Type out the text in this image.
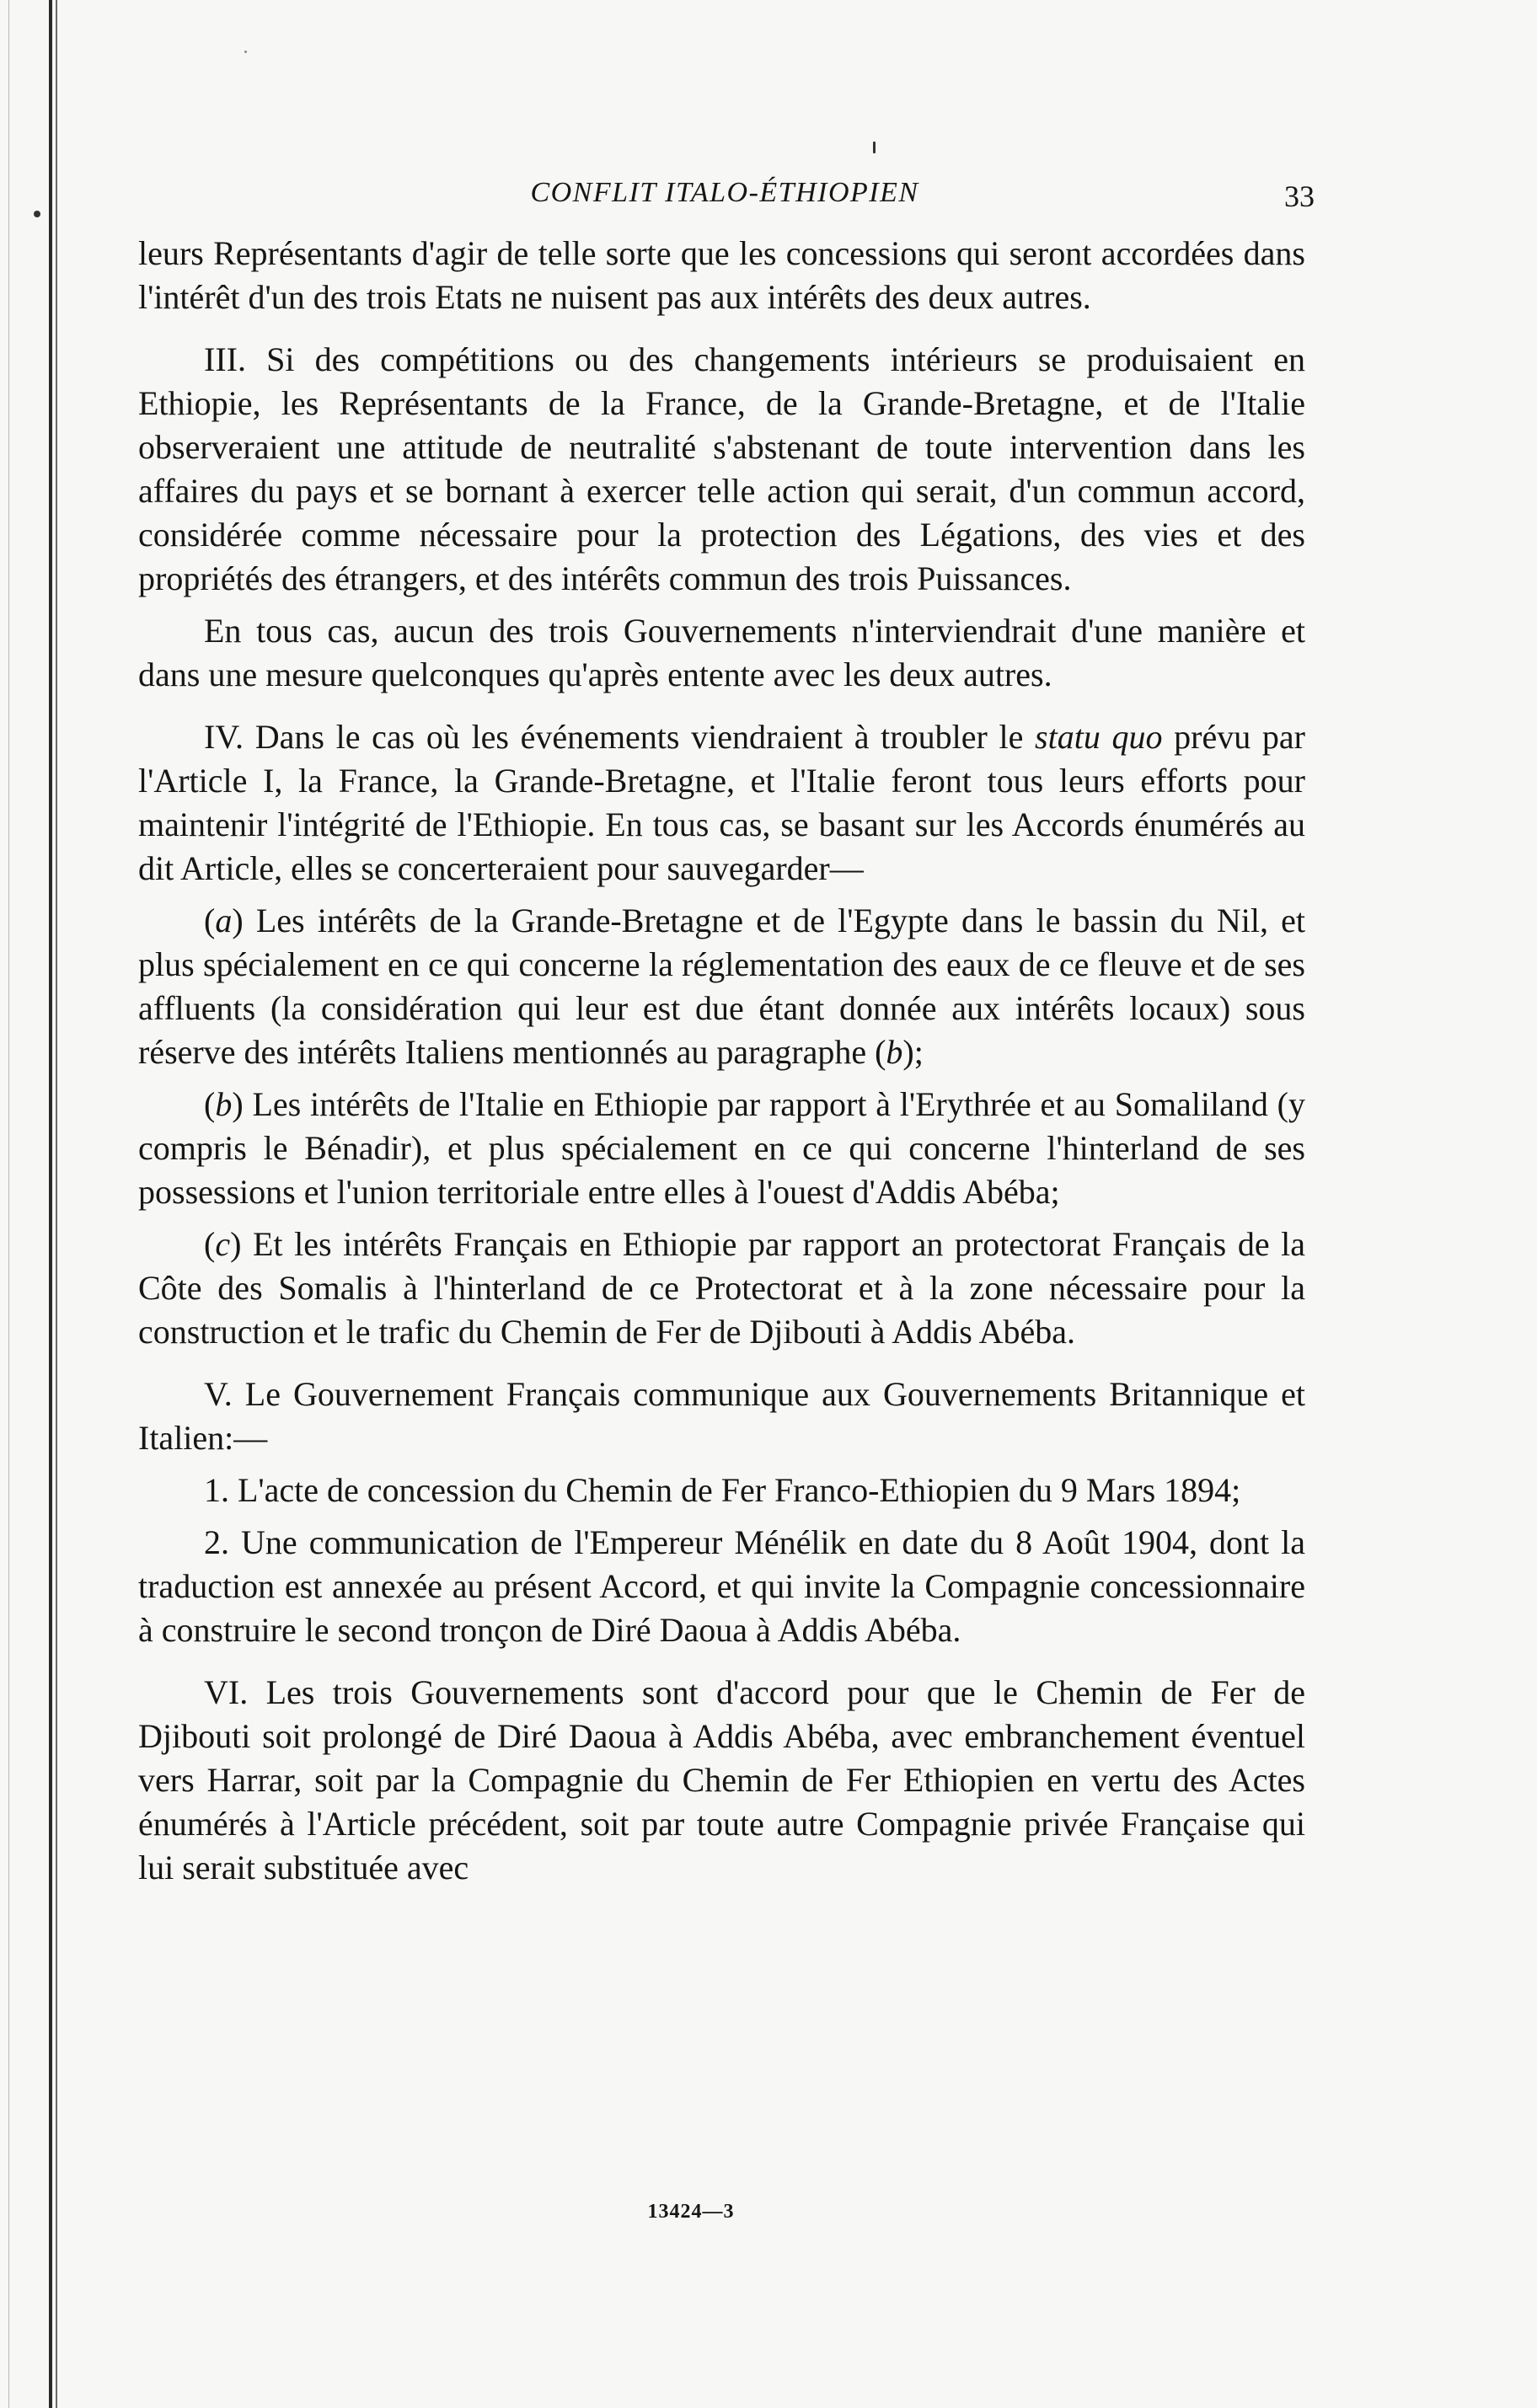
CONFLIT ITALO-ÉTHIOPIEN	33

leurs Représentants d'agir de telle sorte que les concessions qui seront accordées dans l'intérêt d'un des trois Etats ne nuisent pas aux intérêts des deux autres.

III. Si des compétitions ou des changements intérieurs se produisaient en Ethiopie, les Représentants de la France, de la Grande-Bretagne, et de l'Italie observeraient une attitude de neutralité s'abstenant de toute intervention dans les affaires du pays et se bornant à exercer telle action qui serait, d'un commun accord, considérée comme nécessaire pour la protection des Légations, des vies et des propriétés des étrangers, et des intérêts commun des trois Puissances.

En tous cas, aucun des trois Gouvernements n'interviendrait d'une manière et dans une mesure quelconques qu'après entente avec les deux autres.

IV. Dans le cas où les événements viendraient à troubler le statu quo prévu par l'Article I, la France, la Grande-Bretagne, et l'Italie feront tous leurs efforts pour maintenir l'intégrité de l'Ethiopie. En tous cas, se basant sur les Accords énumérés au dit Article, elles se concerteraient pour sauvegarder—

(a) Les intérêts de la Grande-Bretagne et de l'Egypte dans le bassin du Nil, et plus spécialement en ce qui concerne la réglementation des eaux de ce fleuve et de ses affluents (la considération qui leur est due étant donnée aux intérêts locaux) sous réserve des intérêts Italiens mentionnés au paragraphe (b);

(b) Les intérêts de l'Italie en Ethiopie par rapport à l'Erythrée et au Somaliland (y compris le Bénadir), et plus spécialement en ce qui concerne l'hinterland de ses possessions et l'union territoriale entre elles à l'ouest d'Addis Abéba;

(c) Et les intérêts Français en Ethiopie par rapport an protectorat Français de la Côte des Somalis à l'hinterland de ce Protectorat et à la zone nécessaire pour la construction et le trafic du Chemin de Fer de Djibouti à Addis Abéba.

V. Le Gouvernement Français communique aux Gouvernements Britannique et Italien:—

1. L'acte de concession du Chemin de Fer Franco-Ethiopien du 9 Mars 1894;

2. Une communication de l'Empereur Ménélik en date du 8 Août 1904, dont la traduction est annexée au présent Accord, et qui invite la Compagnie concessionnaire à construire le second tronçon de Diré Daoua à Addis Abéba.

VI. Les trois Gouvernements sont d'accord pour que le Chemin de Fer de Djibouti soit prolongé de Diré Daoua à Addis Abéba, avec embranchement éventuel vers Harrar, soit par la Compagnie du Chemin de Fer Ethiopien en vertu des Actes énumérés à l'Article précédent, soit par toute autre Compagnie privée Française qui lui serait substituée avec

13424—3
